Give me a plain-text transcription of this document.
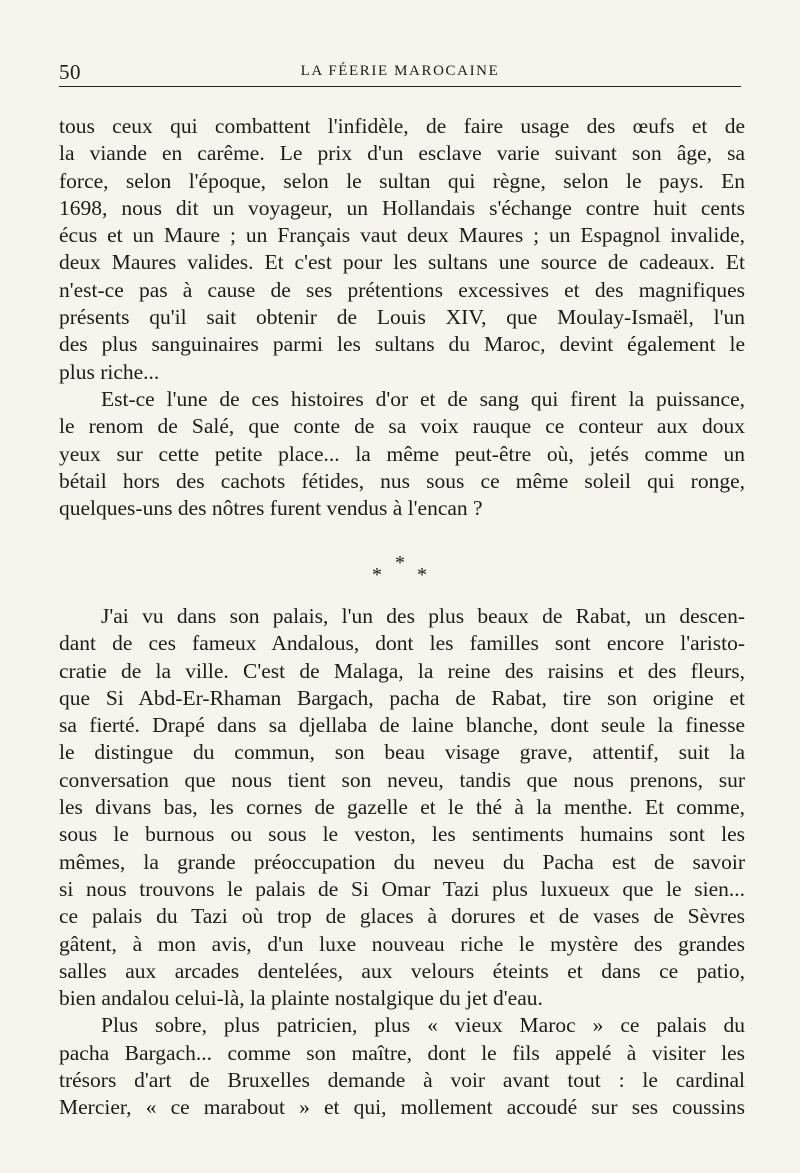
50	LA FÉERIE MAROCAINE
tous ceux qui combattent l'infidèle, de faire usage des œufs et de
la viande en carême. Le prix d'un esclave varie suivant son âge, sa
force, selon l'époque, selon le sultan qui règne, selon le pays. En
1698, nous dit un voyageur, un Hollandais s'échange contre huit cents
écus et un Maure ; un Français vaut deux Maures ; un Espagnol invalide,
deux Maures valides. Et c'est pour les sultans une source de cadeaux. Et
n'est-ce pas à cause de ses prétentions excessives et des magnifiques
présents qu'il sait obtenir de Louis XIV, que Moulay-Ismaël, l'un
des plus sanguinaires parmi les sultans du Maroc, devint également le
plus riche...
Est-ce l'une de ces histoires d'or et de sang qui firent la puissance,
le renom de Salé, que conte de sa voix rauque ce conteur aux doux
yeux sur cette petite place... la même peut-être où, jetés comme un
bétail hors des cachots fétides, nus sous ce même soleil qui ronge,
quelques-uns des nôtres furent vendus à l'encan ?
*
* *
J'ai vu dans son palais, l'un des plus beaux de Rabat, un descen-
dant de ces fameux Andalous, dont les familles sont encore l'aristo-
cratie de la ville. C'est de Malaga, la reine des raisins et des fleurs,
que Si Abd-Er-Rhaman Bargach, pacha de Rabat, tire son origine et
sa fierté. Drapé dans sa djellaba de laine blanche, dont seule la finesse
le distingue du commun, son beau visage grave, attentif, suit la
conversation que nous tient son neveu, tandis que nous prenons, sur
les divans bas, les cornes de gazelle et le thé à la menthe. Et comme,
sous le burnous ou sous le veston, les sentiments humains sont les
mêmes, la grande préoccupation du neveu du Pacha est de savoir
si nous trouvons le palais de Si Omar Tazi plus luxueux que le sien...
ce palais du Tazi où trop de glaces à dorures et de vases de Sèvres
gâtent, à mon avis, d'un luxe nouveau riche le mystère des grandes
salles aux arcades dentelées, aux velours éteints et dans ce patio,
bien andalou celui-là, la plainte nostalgique du jet d'eau.
Plus sobre, plus patricien, plus « vieux Maroc » ce palais du
pacha Bargach... comme son maître, dont le fils appelé à visiter les
trésors d'art de Bruxelles demande à voir avant tout : le cardinal
Mercier, « ce marabout » et qui, mollement accoudé sur ses coussins
